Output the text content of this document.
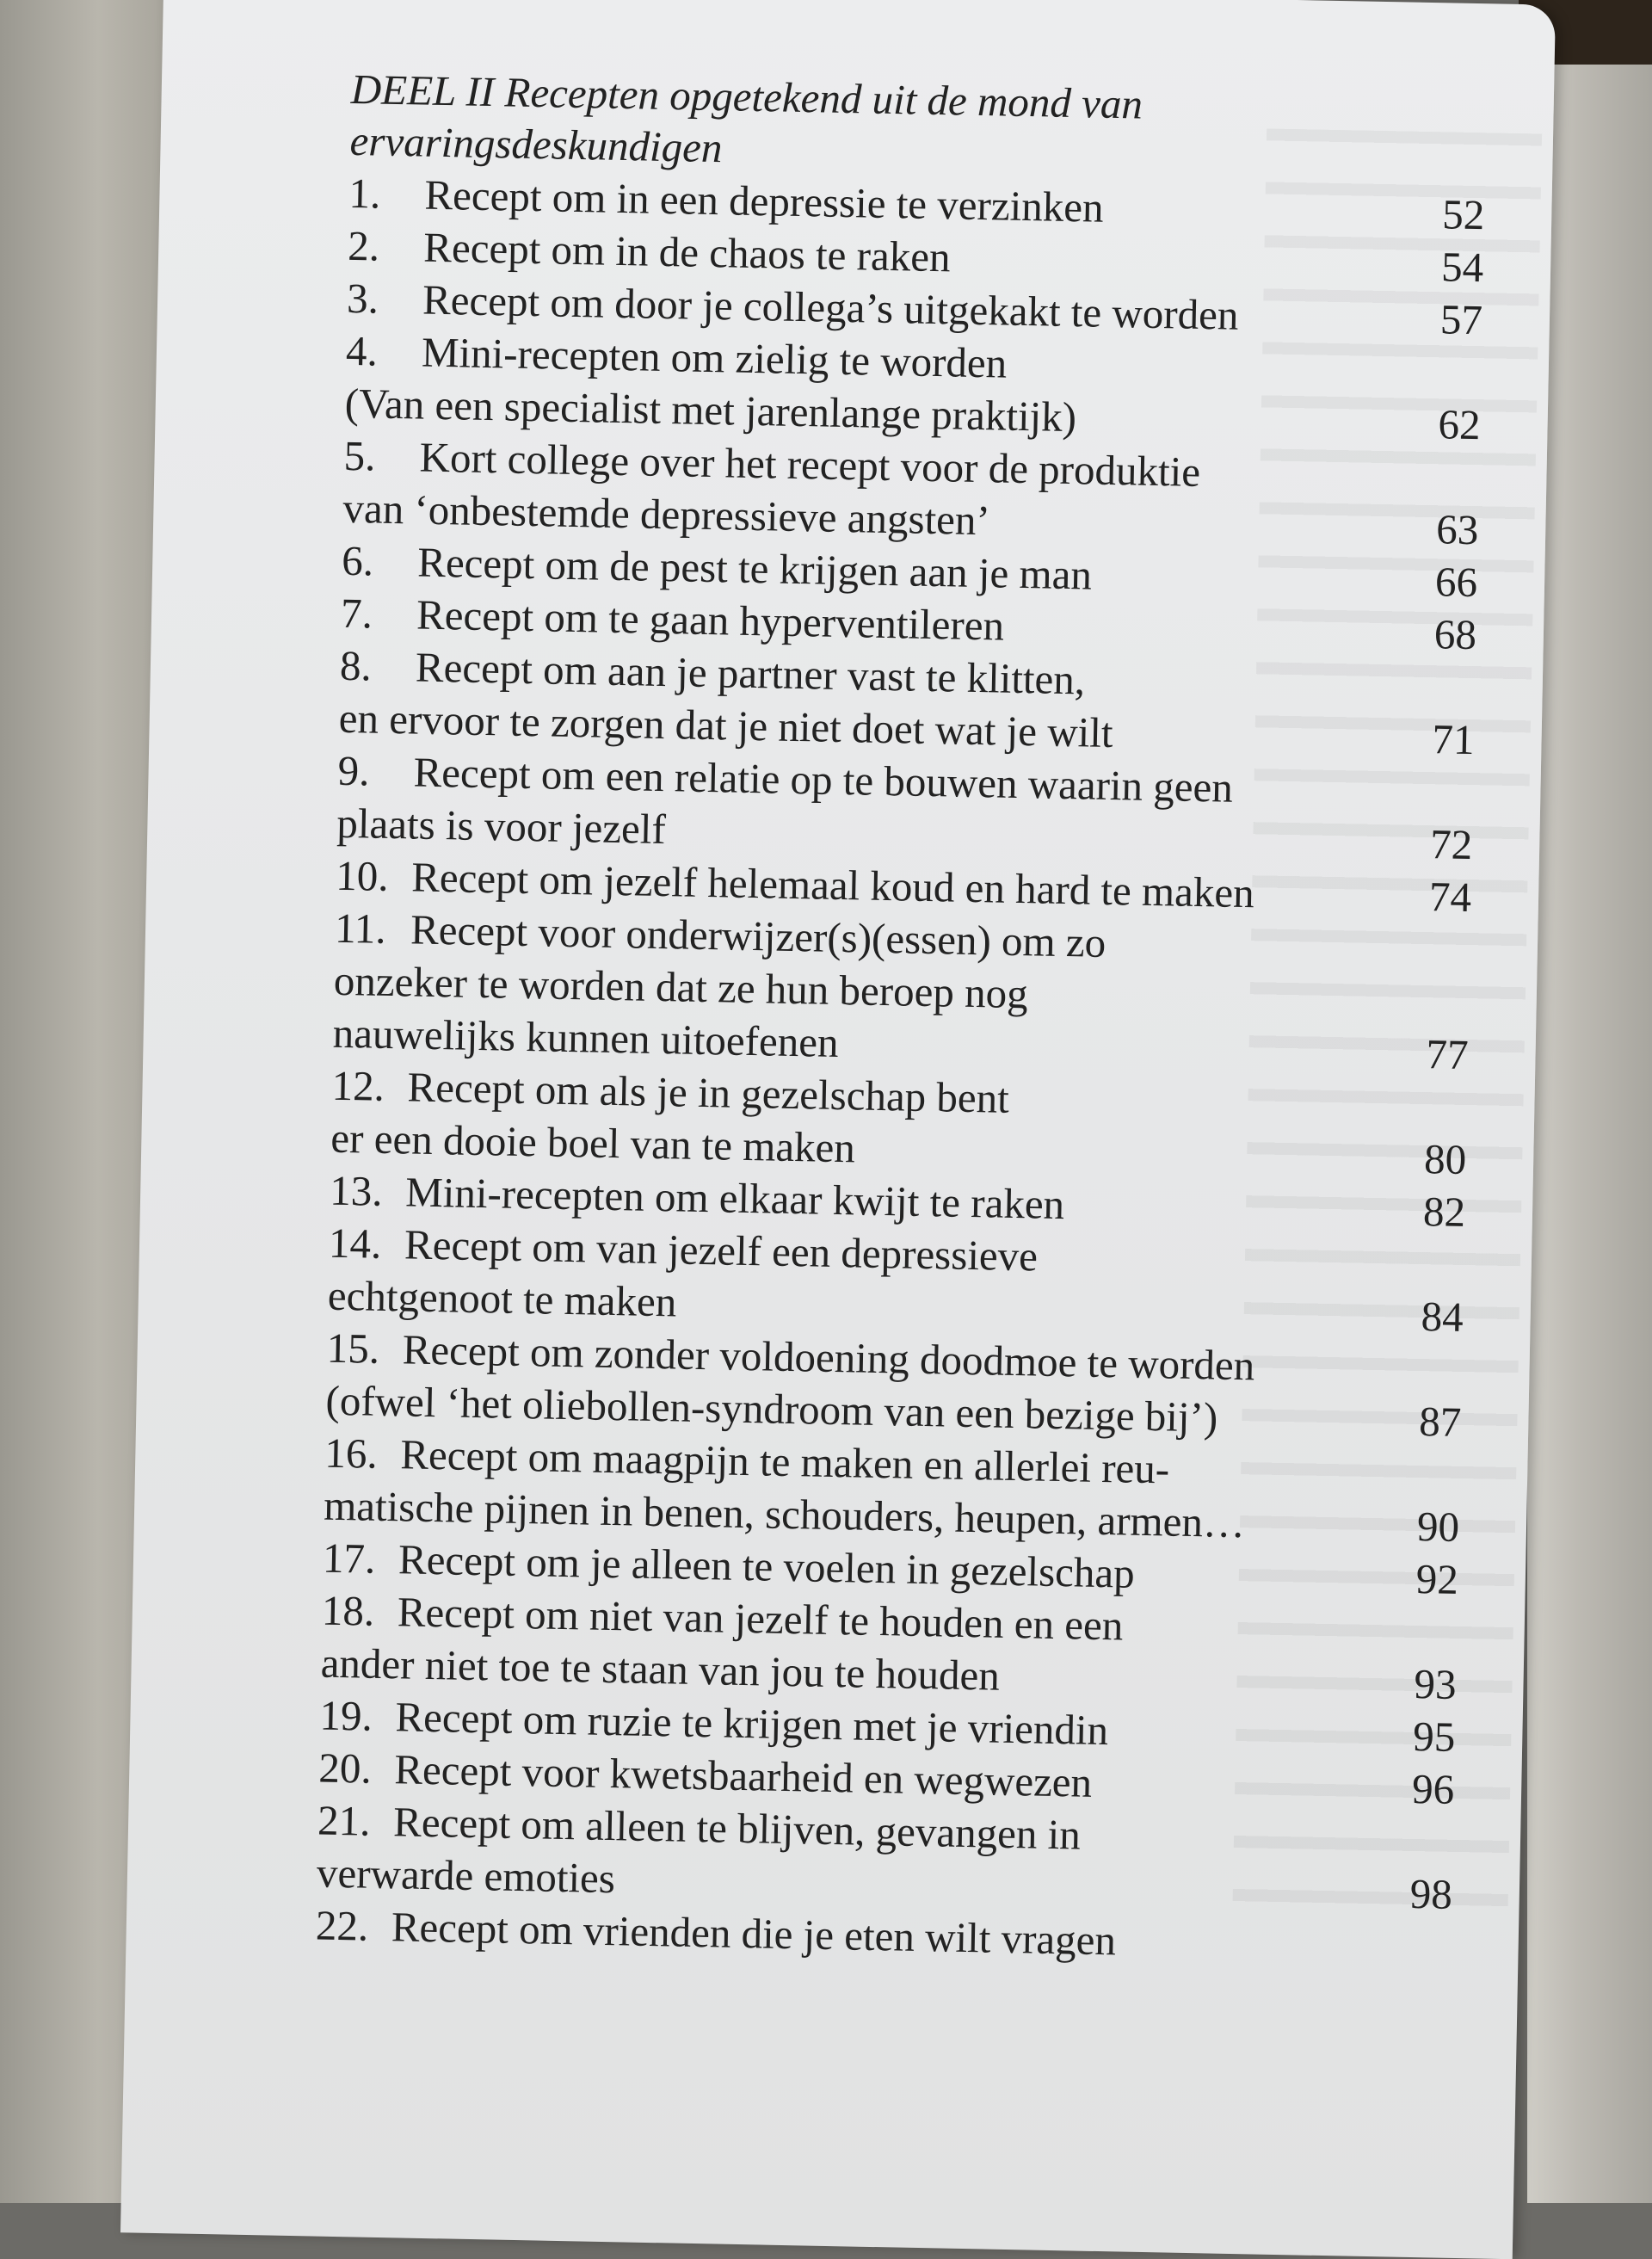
DEEL II Recepten opgetekend uit de mond van
ervaringsdeskundigen
1. Recept om in een depressie te verzinken	52
2. Recept om in de chaos te raken	54
3. Recept om door je collega’s uitgekakt te worden	57
4. Mini-recepten om zielig te worden
(Van een specialist met jarenlange praktijk)	62
5. Kort college over het recept voor de produktie
van ‘onbestemde depressieve angsten’	63
6. Recept om de pest te krijgen aan je man	66
7. Recept om te gaan hyperventileren	68
8. Recept om aan je partner vast te klitten,
en ervoor te zorgen dat je niet doet wat je wilt	71
9. Recept om een relatie op te bouwen waarin geen
plaats is voor jezelf	72
10. Recept om jezelf helemaal koud en hard te maken	74
11. Recept voor onderwijzer(s)(essen) om zo
onzeker te worden dat ze hun beroep nog
nauwelijks kunnen uitoefenen	77
12. Recept om als je in gezelschap bent
er een dooie boel van te maken	80
13. Mini-recepten om elkaar kwijt te raken	82
14. Recept om van jezelf een depressieve
echtgenoot te maken	84
15. Recept om zonder voldoening doodmoe te worden
(ofwel ‘het oliebollen-syndroom van een bezige bij’)	87
16. Recept om maagpijn te maken en allerlei reu-
matische pijnen in benen, schouders, heupen, armen…	90
17. Recept om je alleen te voelen in gezelschap	92
18. Recept om niet van jezelf te houden en een
ander niet toe te staan van jou te houden	93
19. Recept om ruzie te krijgen met je vriendin	95
20. Recept voor kwetsbaarheid en wegwezen	96
21. Recept om alleen te blijven, gevangen in
verwarde emoties	98
22. Recept om vrienden die je eten wilt vragen
